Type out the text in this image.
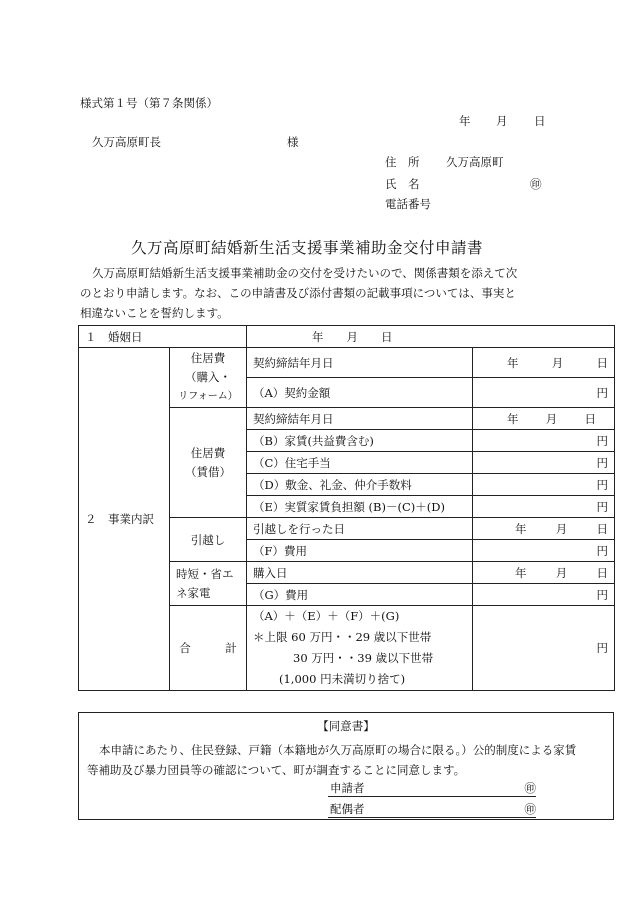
様式第１号（第７条関係）
年 月 日
久万高原町長	様
住　所 久万高原町
氏　名	㊞
電話番号
久万高原町結婚新生活支援事業補助金交付申請書
久万高原町結婚新生活支援事業補助金の交付を受けたいので、関係書類を添えて次
のとおり申請します。なお、この申請書及び添付書類の記載事項については、事実と
相違ないことを誓約します。
１　婚姻日		年　　月　　日	
２　事業内訳	住居費
（購入・
リフォーム）	契約締結年月日	年 月 日

		（A）契約金額	円

	住居費
（賃借）	契約締結年月日	年 月 日

		（B）家賃(共益費含む)	円
		（C）住宅手当	円
		（D）敷金、礼金、仲介手数料	円
		（E）実質家賃負担額 (B)－(C)＋(D)	円
	引越し	引越しを行った日	年 月 日

		（F）費用	円

	時短・省エ
ネ家電	購入日	年 月 日

		（G）費用	円
	合　　　計	（A）＋（E）＋（F）＋(G)
＊上限 60 万円・・29 歳以下世帯
30 万円・・39 歳以下世帯
(1,000 円未満切り捨て)	円
【同意書】
本申請にあたり、住民登録、戸籍（本籍地が久万高原町の場合に限る。）公的制度による家賃
等補助及び暴力団員等の確認について、町が調査することに同意します。
申請者	㊞
配偶者	㊞
